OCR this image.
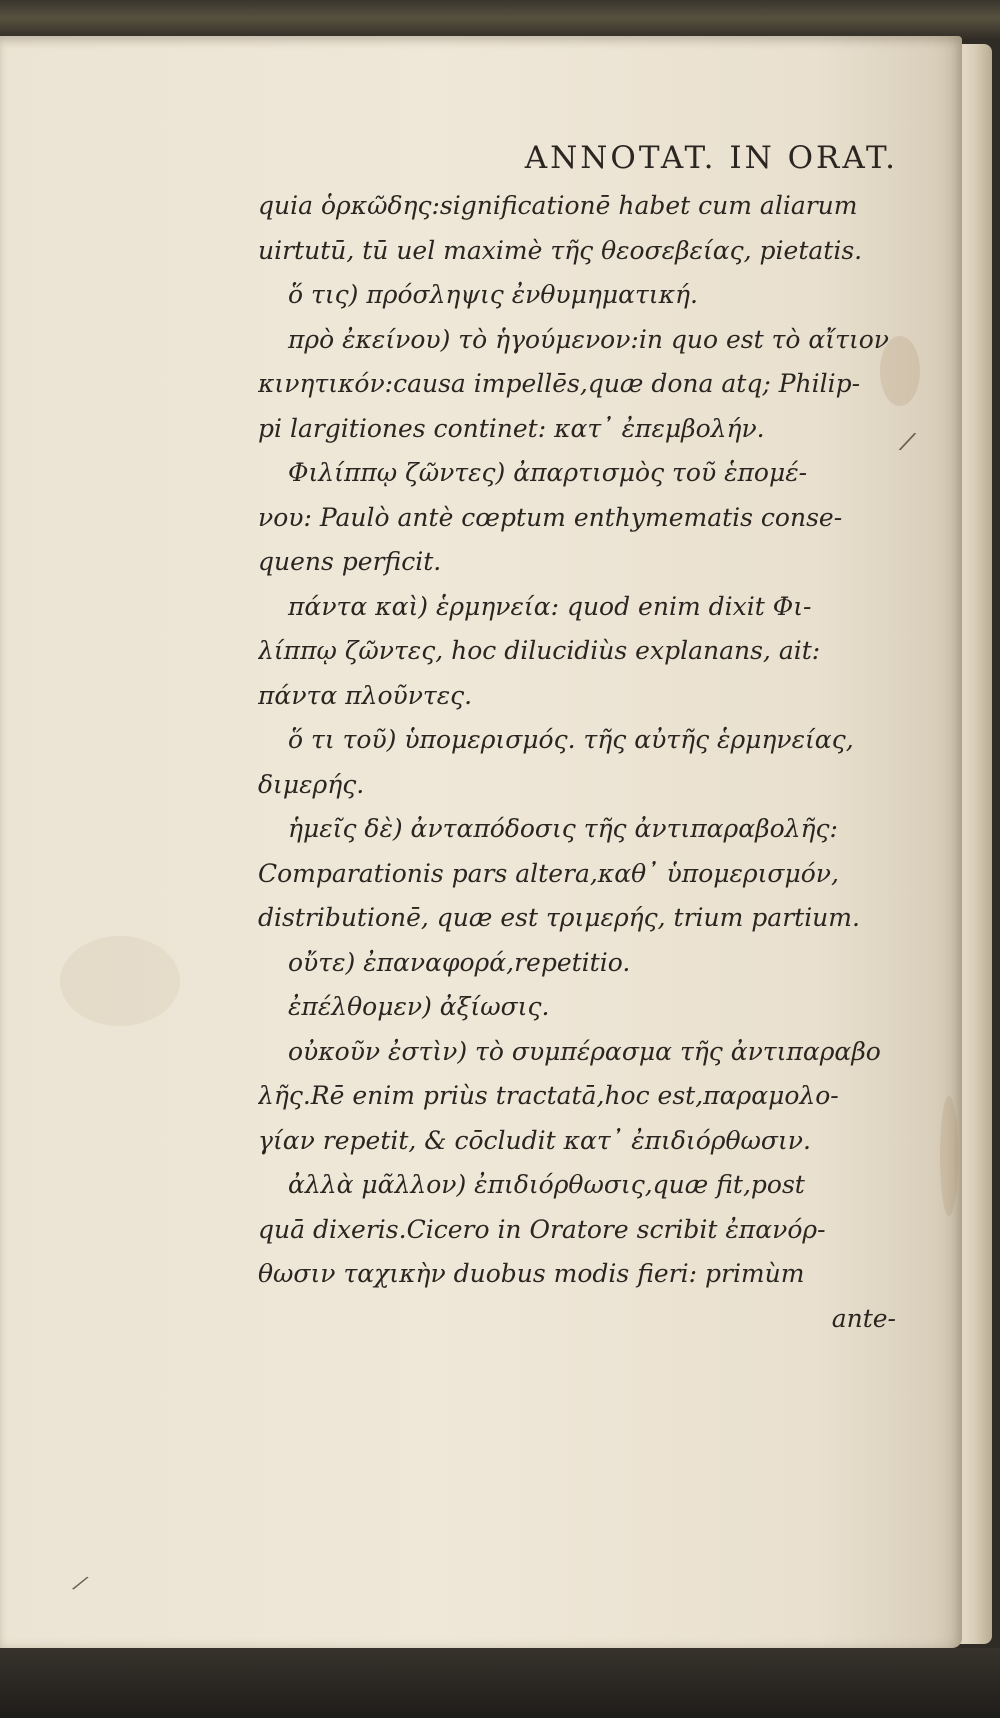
⁄
⁄
ANNOTAT. IN ORAT.
quia ὁρκῶδης:significationē habet cum aliarum
uirtutū, tū uel maximè τῆς θεοσεβείας, pietatis.
ὅ τις) πρόσληψις ἐνθυμηματική.
πρὸ ἐκείνου) τὸ ἡγούμενον:in quo est τὸ αἴτιον
κινητικόν:causa impellēs,quæ dona atq; Philip-
pi largitiones continet: κατ᾽ ἐπεμβολήν.
Φιλίππῳ ζῶντες) ἀπαρτισμὸς τοῦ ἑπομέ-
νου: Paulò antè cœptum enthymematis conse-
quens perficit.
πάντα καὶ) ἑρμηνεία: quod enim dixit Φι-
λίππῳ ζῶντες, hoc dilucidiùs explanans, ait:
πάντα πλοῦντες.
ὅ τι τοῦ) ὑπομερισμός. τῆς αὐτῆς ἑρμηνείας,
διμερής.
ἡμεῖς δὲ) ἀνταπόδοσις τῆς ἀντιπαραβολῆς:
Comparationis pars altera,καθ᾽ ὑπομερισμόν,
distributionē, quæ est τριμερής, trium partium.
οὔτε) ἐπαναφορά,repetitio.
ἐπέλθομεν) ἀξίωσις.
οὐκοῦν ἐστὶν) τὸ συμπέρασμα τῆς ἀντιπαραβο
λῆς.Rē enim priùs tractatā,hoc est,παραμολο-
γίαν repetit, & cōcludit κατ᾽ ἐπιδιόρθωσιν.
ἀλλὰ μᾶλλον) ἐπιδιόρθωσις,quæ fit,post
quā dixeris.Cicero in Oratore scribit ἐπανόρ-
θωσιν ταχικὴν duobus modis fieri: primùm
ante-
